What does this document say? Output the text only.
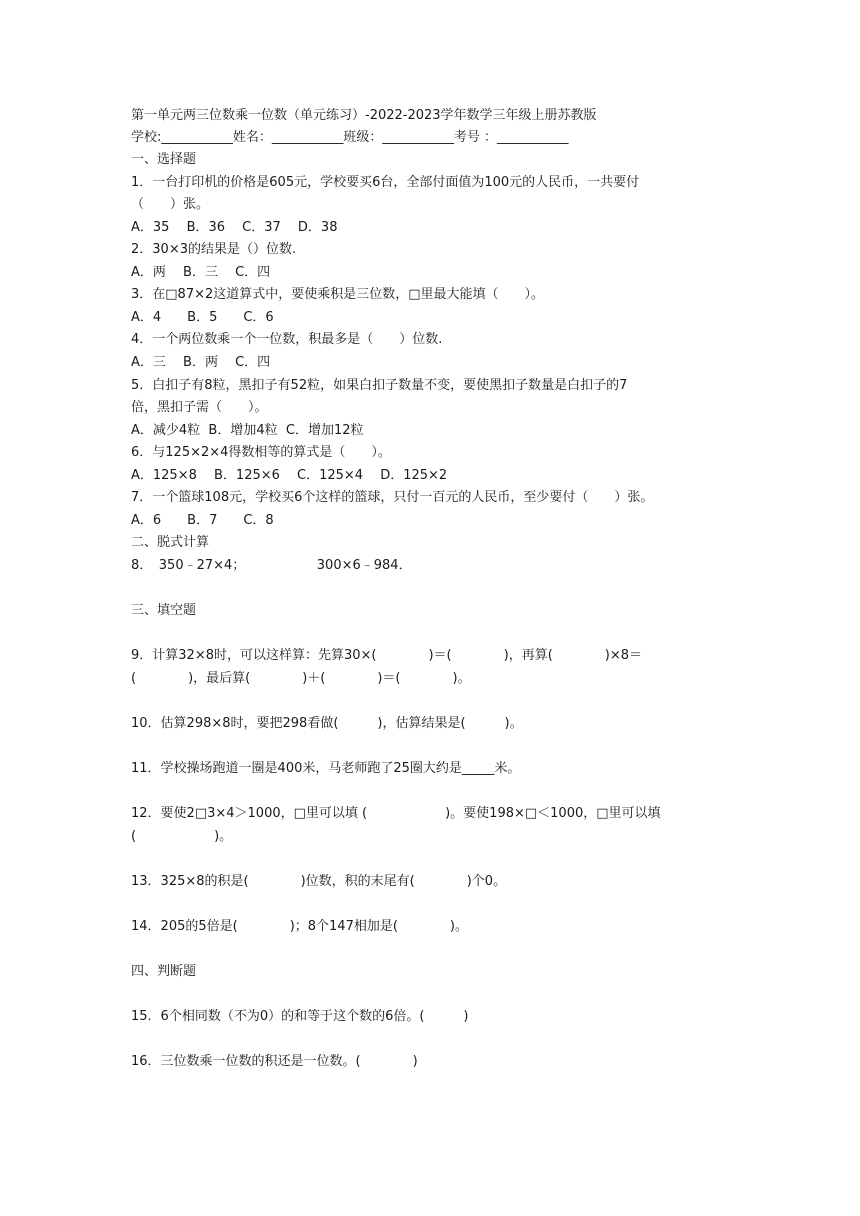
第一单元两三位数乘一位数（单元练习）-2022-2023学年数学三年级上册苏教版
学校:___________姓名：___________班级：___________考号 ：___________
一、选择题
1．一台打印机的价格是605元，学校要买6台，全部付面值为100元的人民币，一共要付
（　　）张。
A．35　 B．36　 C．37　 D．38
2．30×3的结果是（）位数.
A．两　 B．三　 C．四
3．在□87×2这道算式中，要使乘积是三位数，□里最大能填（　　）。
A．4　　B．5　　C．6
4．一个两位数乘一个一位数，积最多是（　　）位数.
A．三　 B．两　 C．四
5．白扣子有8粒，黑扣子有52粒，如果白扣子数量不变，要使黑扣子数量是白扣子的7
倍，黑扣子需（　　）。
A．减少4粒  B．增加4粒  C．增加12粒
6．与125×2×4得数相等的算式是（　　）。
A．125×8　 B．125×6　 C．125×4　 D．125×2
7．一个篮球108元，学校买6个这样的篮球，只付一百元的人民币，至少要付（　　）张。
A．6　　B．7　　C．8
二、脱式计算
8．　350﹣27×4；　　　　　　300×6﹣984．
三、填空题
9．计算32×8时，可以这样算：先算30×(　　　　)＝(　　　　)，再算(　　　　)×8＝
(　　　　)，最后算(　　　　)＋(　　　　)＝(　　　　)。
10．估算298×8时，要把298看做(　　　)，估算结果是(　　　)。
11．学校操场跑道一圈是400米，马老师跑了25圈大约是_____米。
12．要使2□3×4＞1000，□里可以填 (　　　　　　)。要使198×□＜1000，□里可以填
(　　　　　　)。
13．325×8的积是(　　　　)位数，积的末尾有(　　　　)个0。
14．205的5倍是(　　　　)；8个147相加是(　　　　)。
四、判断题
15．6个相同数（不为0）的和等于这个数的6倍。(　　　)
16．三位数乘一位数的积还是一位数。(　　　　)
